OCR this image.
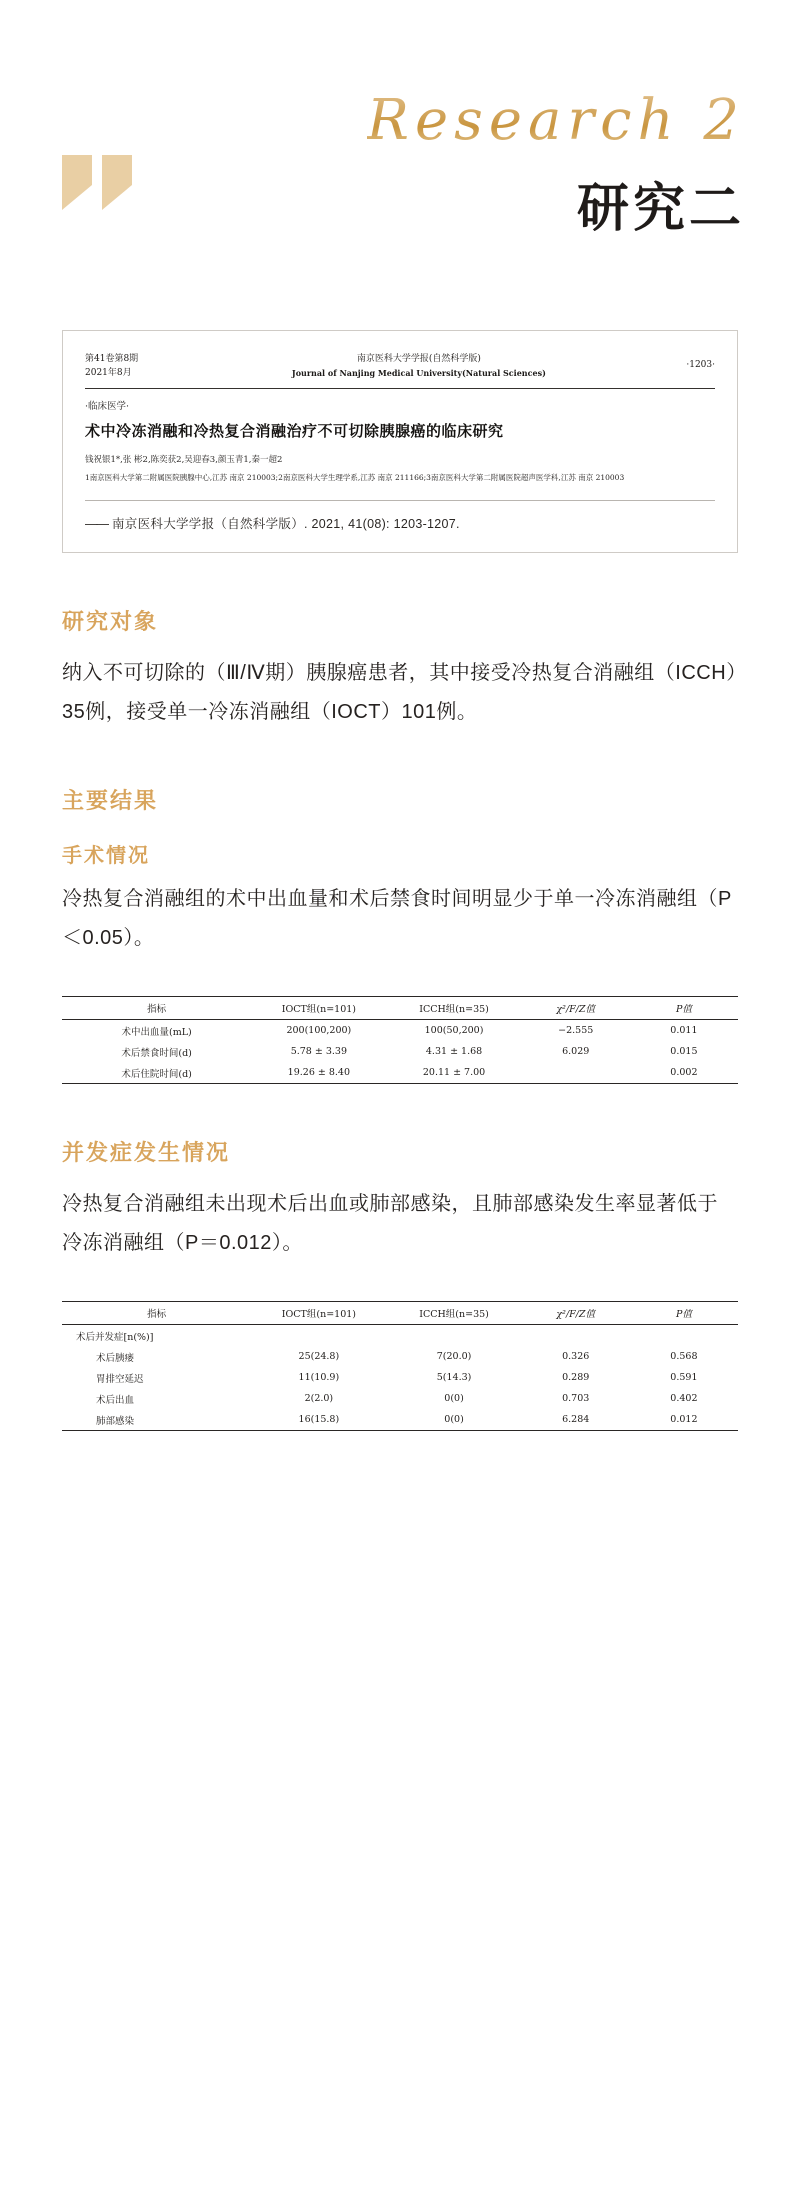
Research 2
研究二
第41卷第8期
2021年8月
南京医科大学学报(自然科学版)
Journal of Nanjing Medical University(Natural Sciences)
·1203·
·临床医学·
术中冷冻消融和冷热复合消融治疗不可切除胰腺癌的临床研究
钱祝银1*,张 彬2,陈奕获2,吴迎春3,颜玉青1,秦一超2
1南京医科大学第二附属医院胰腺中心,江苏 南京 210003;2南京医科大学生理学系,江苏 南京 211166;3南京医科大学第二附属医院超声医学科,江苏 南京 210003
—— 南京医科大学学报（自然科学版）. 2021, 41(08): 1203-1207.
研究对象
纳入不可切除的（Ⅲ/Ⅳ期）胰腺癌患者，其中接受冷热复合消融组（ICCH）35例，接受单一冷冻消融组（IOCT）101例。
主要结果
手术情况
冷热复合消融组的术中出血量和术后禁食时间明显少于单一冷冻消融组（P＜0.05）。
指标	IOCT组(n=101)	ICCH组(n=35)	χ²/F/Z值	P值
术中出血量(mL)	200(100,200)	100(50,200)	−2.555	0.011
术后禁食时间(d)	5.78 ± 3.39	4.31 ± 1.68	6.029	0.015
术后住院时间(d)	19.26 ± 8.40	20.11 ± 7.00		0.002
并发症发生情况
冷热复合消融组未出现术后出血或肺部感染，且肺部感染发生率显著低于冷冻消融组（P＝0.012）。
指标	IOCT组(n=101)	ICCH组(n=35)	χ²/F/Z值	P值
术后并发症[n(%)]				
术后胰瘘	25(24.8)	7(20.0)	0.326	0.568
胃排空延迟	11(10.9)	5(14.3)	0.289	0.591
术后出血	2(2.0)	0(0)	0.703	0.402
肺部感染	16(15.8)	0(0)	6.284	0.012
